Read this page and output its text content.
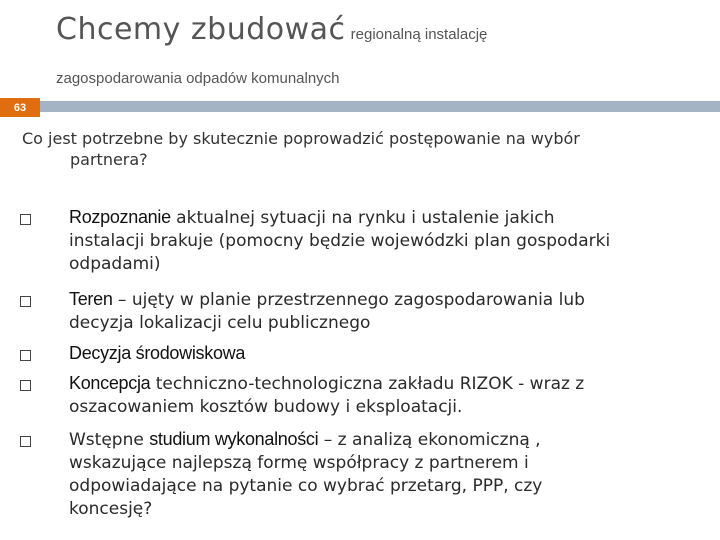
Chcemy zbudować regionalną instalację
zagospodarowania odpadów komunalnych
63
Co jest potrzebne by skutecznie poprowadzić postępowanie na wybór
partnera?
Rozpoznanie aktualnej sytuacji na rynku i ustalenie jakich
instalacji brakuje (pomocny będzie wojewódzki plan gospodarki
odpadami)
Teren – ujęty w planie przestrzennego zagospodarowania lub
decyzja lokalizacji celu publicznego
Decyzja środowiskowa
Koncepcja techniczno-technologiczna zakładu RIZOK - wraz z
oszacowaniem kosztów budowy i eksploatacji.
Wstępne studium wykonalności – z analizą ekonomiczną ,
wskazujące najlepszą formę współpracy z partnerem i
odpowiadające na pytanie co wybrać przetarg, PPP, czy
koncesję?
